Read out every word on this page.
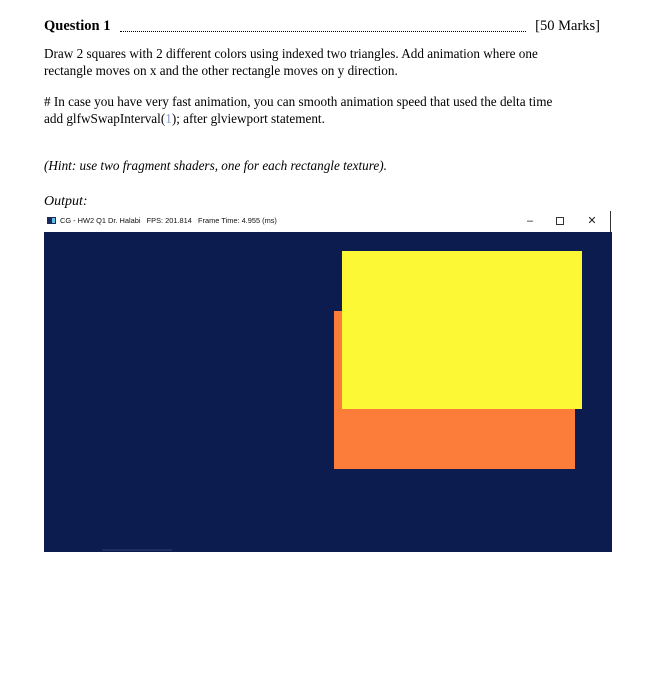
Question 1	[50 Marks]
Draw 2 squares with 2 different colors using indexed two triangles. Add animation where one
rectangle moves on x and the other rectangle moves on y direction.
# In case you have very fast animation, you can smooth animation speed that used the delta time
add glfwSwapInterval(1); after glviewport statement.
(Hint: use two fragment shaders, one for each rectangle texture).
Output:
CG - HW2 Q1 Dr. Halabi FPS: 201.814 Frame Time: 4.955 (ms)	–	✕
